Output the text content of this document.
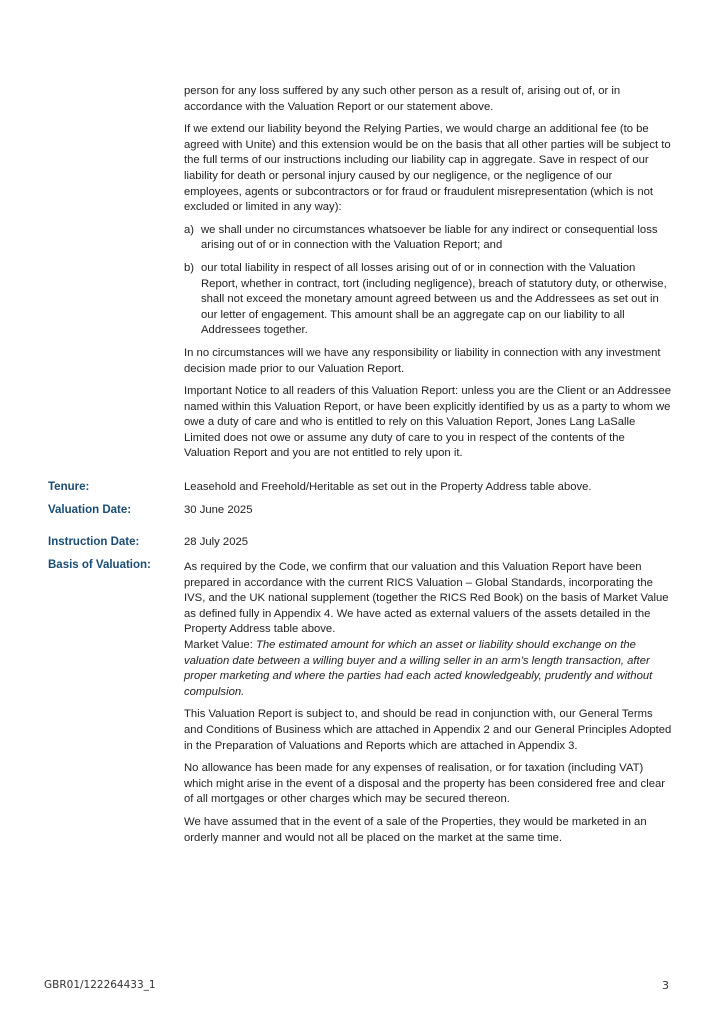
person for any loss suffered by any such other person as a result of, arising out of, or in accordance with the Valuation Report or our statement above.

If we extend our liability beyond the Relying Parties, we would charge an additional fee (to be agreed with Unite) and this extension would be on the basis that all other parties will be subject to the full terms of our instructions including our liability cap in aggregate. Save in respect of our liability for death or personal injury caused by our negligence, or the negligence of our employees, agents or subcontractors or for fraud or fraudulent misrepresentation (which is not excluded or limited in any way):

a) we shall under no circumstances whatsoever be liable for any indirect or consequential loss arising out of or in connection with the Valuation Report; and
b) our total liability in respect of all losses arising out of or in connection with the Valuation Report, whether in contract, tort (including negligence), breach of statutory duty, or otherwise, shall not exceed the monetary amount agreed between us and the Addressees as set out in our letter of engagement. This amount shall be an aggregate cap on our liability to all Addressees together.

In no circumstances will we have any responsibility or liability in connection with any investment decision made prior to our Valuation Report.

Important Notice to all readers of this Valuation Report: unless you are the Client or an Addressee named within this Valuation Report, or have been explicitly identified by us as a party to whom we owe a duty of care and who is entitled to rely on this Valuation Report, Jones Lang LaSalle Limited does not owe or assume any duty of care to you in respect of the contents of the Valuation Report and you are not entitled to rely upon it.

Tenure:	Leasehold and Freehold/Heritable as set out in the Property Address table above.
Valuation Date:	30 June 2025
Instruction Date:	28 July 2025
Basis of Valuation:	As required by the Code, we confirm that our valuation and this Valuation Report have been prepared in accordance with the current RICS Valuation – Global Standards, incorporating the IVS, and the UK national supplement (together the RICS Red Book) on the basis of Market Value as defined fully in Appendix 4. We have acted as external valuers of the assets detailed in the Property Address table above.

Market Value: The estimated amount for which an asset or liability should exchange on the valuation date between a willing buyer and a willing seller in an arm’s length transaction, after proper marketing and where the parties had each acted knowledgeably, prudently and without compulsion.

This Valuation Report is subject to, and should be read in conjunction with, our General Terms and Conditions of Business which are attached in Appendix 2 and our General Principles Adopted in the Preparation of Valuations and Reports which are attached in Appendix 3.

No allowance has been made for any expenses of realisation, or for taxation (including VAT) which might arise in the event of a disposal and the property has been considered free and clear of all mortgages or other charges which may be secured thereon.

We have assumed that in the event of a sale of the Properties, they would be marketed in an orderly manner and would not all be placed on the market at the same time.

GBR01/122264433_1	3
